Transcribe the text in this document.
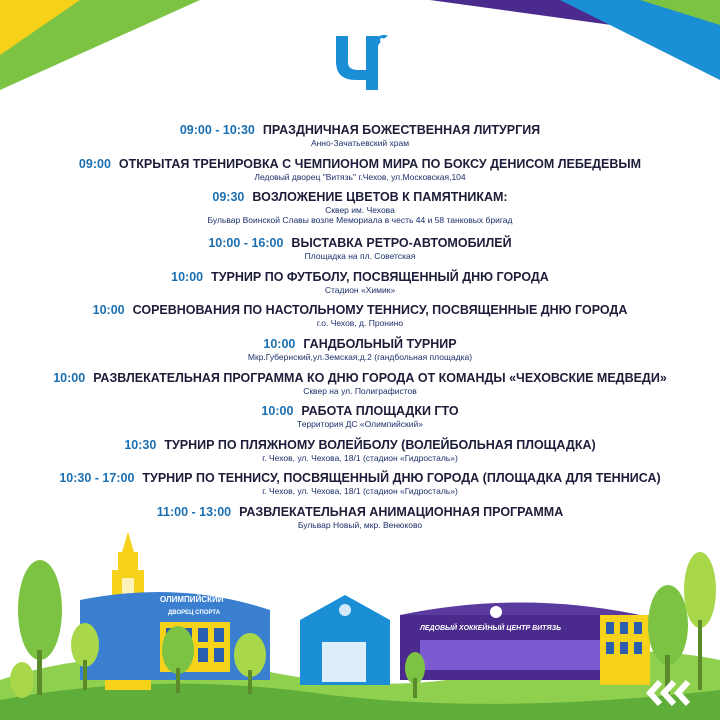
09:00 - 10:30 ПРАЗДНИЧНАЯ БОЖЕСТВЕННАЯ ЛИТУРГИЯ
Анно-Зачатьевский храм
09:00 ОТКРЫТАЯ ТРЕНИРОВКА С ЧЕМПИОНОМ МИРА ПО БОКСУ ДЕНИСОМ ЛЕБЕДЕВЫМ
Ледовый дворец "Витязь" г.Чехов, ул.Московская,104
09:30 ВОЗЛОЖЕНИЕ ЦВЕТОВ К ПАМЯТНИКАМ:
Сквер им. Чехова
Бульвар Воинской Славы возле Мемориала в честь 44 и 58 танковых бригад
10:00 - 16:00 ВЫСТАВКА РЕТРО-АВТОМОБИЛЕЙ
Площадка на пл. Советская
10:00 ТУРНИР ПО ФУТБОЛУ, ПОСВЯЩЕННЫЙ ДНЮ ГОРОДА
Стадион «Химик»
10:00 СОРЕВНОВАНИЯ ПО НАСТОЛЬНОМУ ТЕННИСУ, ПОСВЯЩЕННЫЕ ДНЮ ГОРОДА
г.о. Чехов, д. Пронино
10:00 ГАНДБОЛЬНЫЙ ТУРНИР
Мкр.Губернский,ул.Земская,д.2 (гандбольная площадка)
10:00 РАЗВЛЕКАТЕЛЬНАЯ ПРОГРАММА КО ДНЮ ГОРОДА ОТ КОМАНДЫ «ЧЕХОВСКИЕ МЕДВЕДИ»
Сквер на ул. Полиграфистов
10:00 РАБОТА ПЛОЩАДКИ ГТО
Территория ДС «Олимпийский»
10:30 ТУРНИР ПО ПЛЯЖНОМУ ВОЛЕЙБОЛУ (ВОЛЕЙБОЛЬНАЯ ПЛОЩАДКА)
г. Чехов, ул. Чехова, 18/1 (стадион «Гидросталь»)
10:30 - 17:00 ТУРНИР ПО ТЕННИСУ, ПОСВЯЩЕННЫЙ ДНЮ ГОРОДА (ПЛОЩАДКА ДЛЯ ТЕННИСА)
г. Чехов, ул. Чехова, 18/1 (стадион «Гидросталь»)
11:00 - 13:00 РАЗВЛЕКАТЕЛЬНАЯ АНИМАЦИОННАЯ ПРОГРАММА
Бульвар Новый, мкр. Венюково
ОЛИМПИЙСКИЙ
ДВОРЕЦ СПОРТА
ЛЕДОВЫЙ ХОККЕЙНЫЙ ЦЕНТР ВИТЯЗЬ
